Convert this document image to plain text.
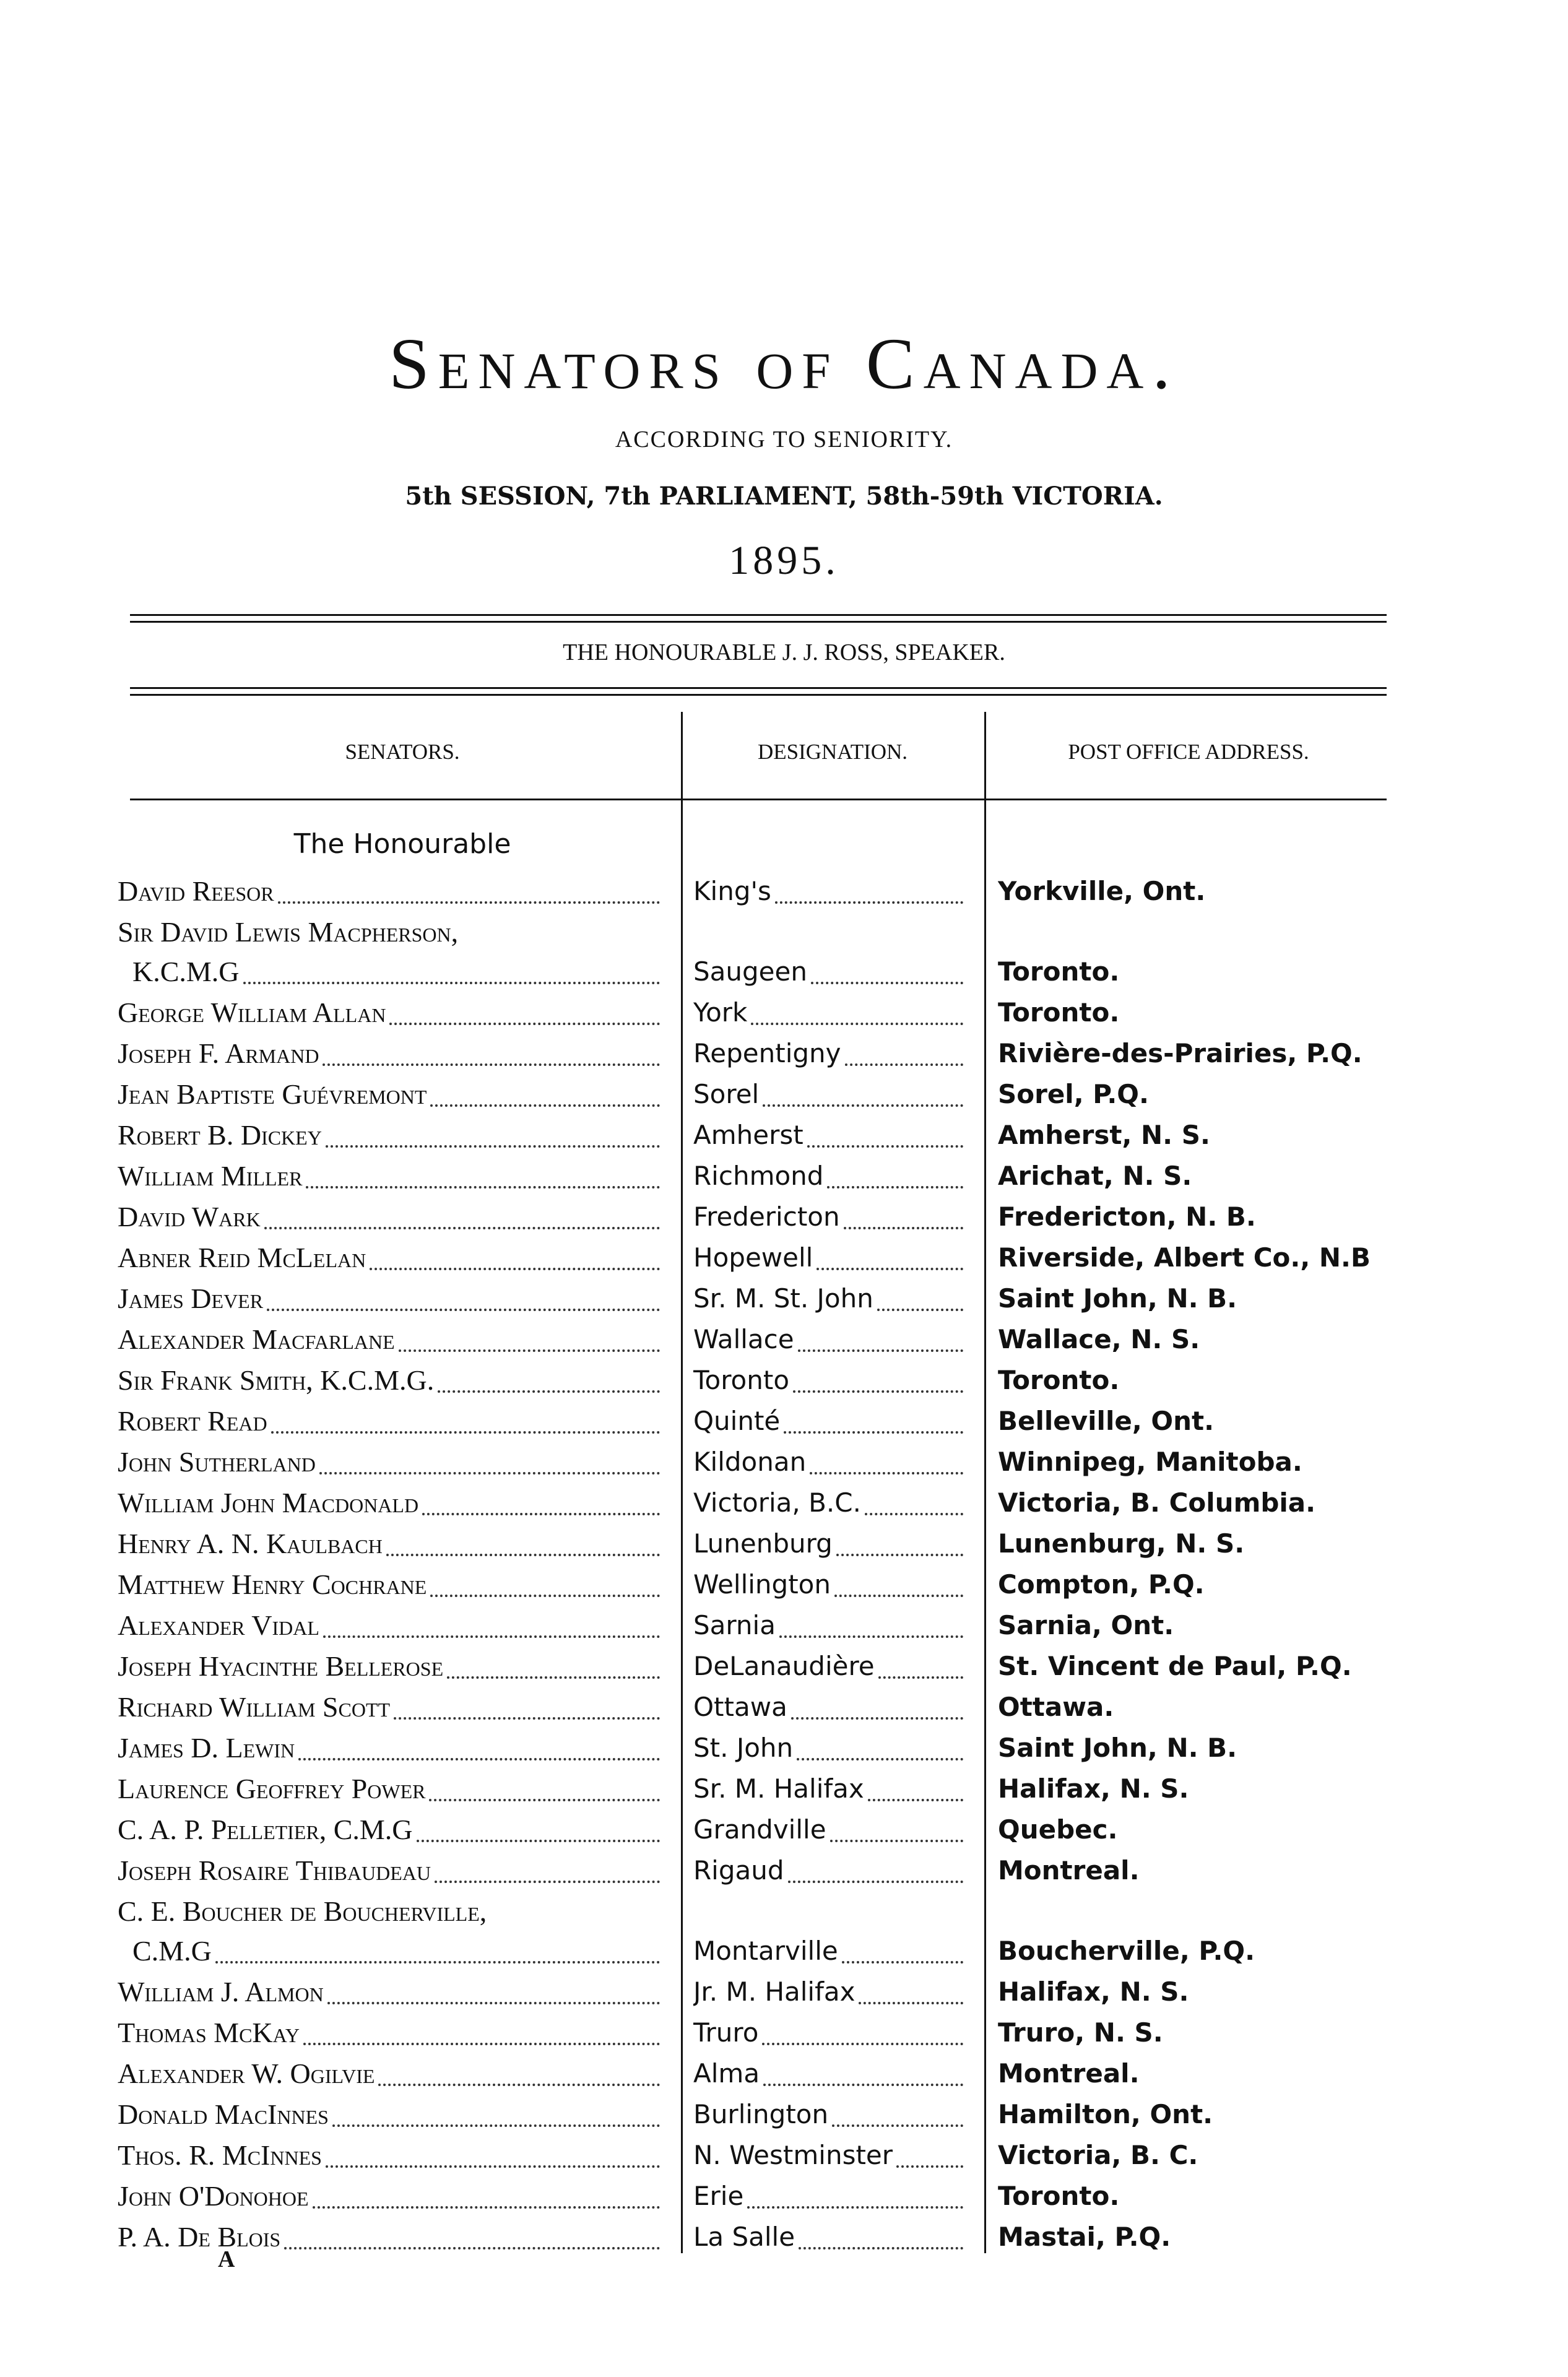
Senators of Canada.
ACCORDING TO SENIORITY.
5th SESSION, 7th PARLIAMENT, 58th-59th VICTORIA.
1895.
THE HONOURABLE J. J. ROSS, SPEAKER.
SENATORS.	DESIGNATION.	POST OFFICE ADDRESS.
The Honourable
David Reesor	King's	Yorkville, Ont.
Sir David Lewis Macpherson,
K.C.M.G	Saugeen	Toronto.
George William Allan	York	Toronto.
Joseph F. Armand	Repentigny	Rivière-des-Prairies, P.Q.
Jean Baptiste Guévremont	Sorel	Sorel, P.Q.
Robert B. Dickey	Amherst	Amherst, N. S.
William Miller	Richmond	Arichat, N. S.
David Wark	Fredericton	Fredericton, N. B.
Abner Reid McLelan	Hopewell	Riverside, Albert Co., N.B
James Dever	Sr. M. St. John	Saint John, N. B.
Alexander Macfarlane	Wallace	Wallace, N. S.
Sir Frank Smith, K.C.M.G.	Toronto	Toronto.
Robert Read	Quinté	Belleville, Ont.
John Sutherland	Kildonan	Winnipeg, Manitoba.
William John Macdonald	Victoria, B.C.	Victoria, B. Columbia.
Henry A. N. Kaulbach	Lunenburg	Lunenburg, N. S.
Matthew Henry Cochrane	Wellington	Compton, P.Q.
Alexander Vidal	Sarnia	Sarnia, Ont.
Joseph Hyacinthe Bellerose	DeLanaudière	St. Vincent de Paul, P.Q.
Richard William Scott	Ottawa	Ottawa.
James D. Lewin	St. John	Saint John, N. B.
Laurence Geoffrey Power	Sr. M. Halifax	Halifax, N. S.
C. A. P. Pelletier, C.M.G	Grandville	Quebec.
Joseph Rosaire Thibaudeau	Rigaud	Montreal.
C. E. Boucher de Boucherville,
C.M.G	Montarville	Boucherville, P.Q.
William J. Almon	Jr. M. Halifax	Halifax, N. S.
Thomas McKay	Truro	Truro, N. S.
Alexander W. Ogilvie	Alma	Montreal.
Donald MacInnes	Burlington	Hamilton, Ont.
Thos. R. McInnes	N. Westminster	Victoria, B. C.
John O'Donohoe	Erie	Toronto.
P. A. De Blois	La Salle	Mastai, P.Q.
A
